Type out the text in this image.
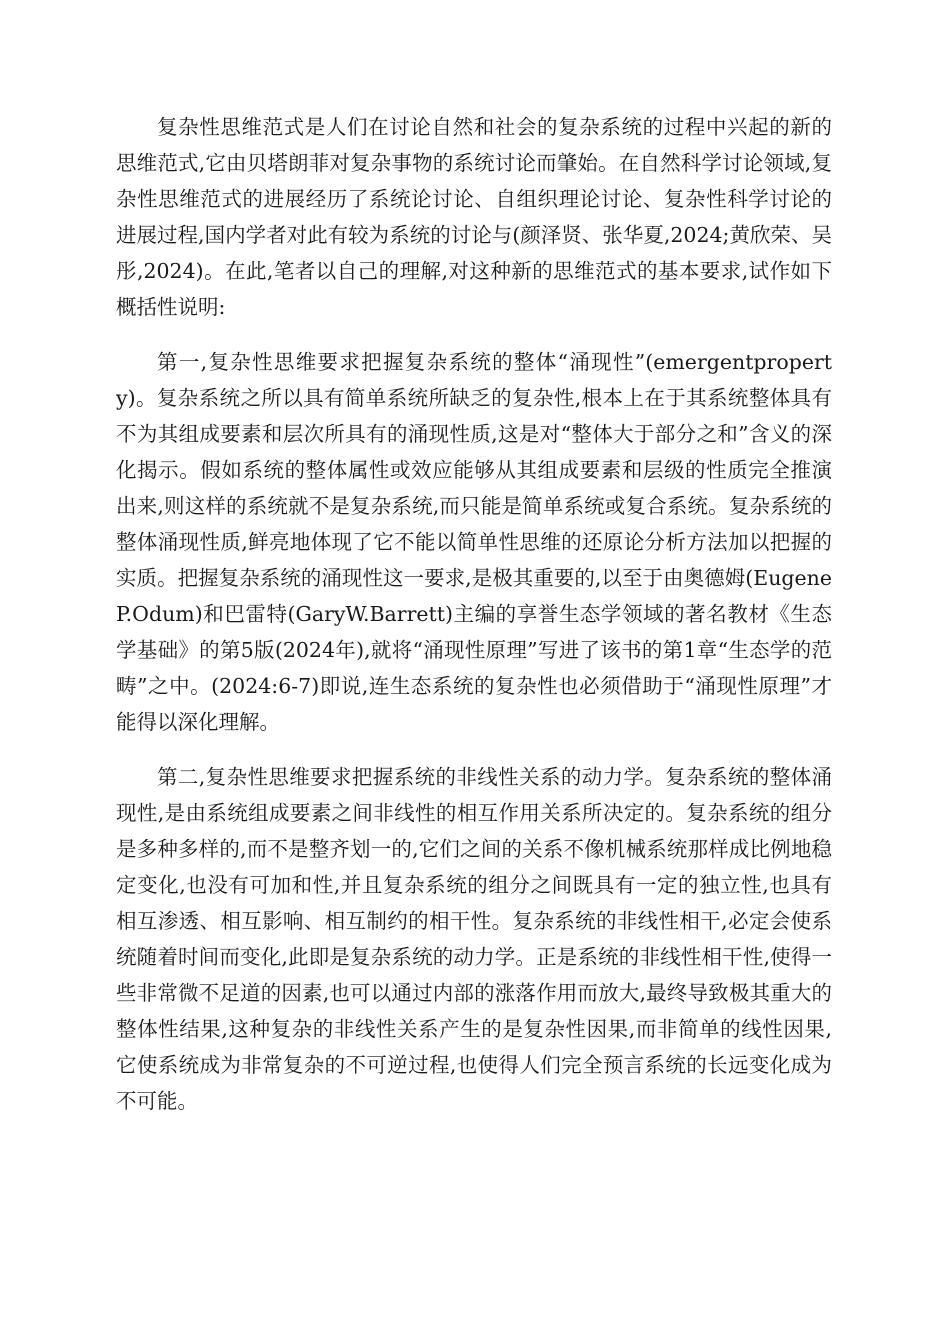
复杂性思维范式是人们在讨论自然和社会的复杂系统的过程中兴起的新的思维范式,它由贝塔朗菲对复杂事物的系统讨论而肇始。在自然科学讨论领域,复杂性思维范式的进展经历了系统论讨论、自组织理论讨论、复杂性科学讨论的进展过程,国内学者对此有较为系统的讨论与(颜泽贤、张华夏,2024;黄欣荣、吴彤,2024)。在此,笔者以自己的理解,对这种新的思维范式的基本要求,试作如下概括性说明:

第一,复杂性思维要求把握复杂系统的整体“涌现性”(emergentproperty)。复杂系统之所以具有简单系统所缺乏的复杂性,根本上在于其系统整体具有不为其组成要素和层次所具有的涌现性质,这是对“整体大于部分之和”含义的深化揭示。假如系统的整体属性或效应能够从其组成要素和层级的性质完全推演出来,则这样的系统就不是复杂系统,而只能是简单系统或复合系统。复杂系统的整体涌现性质,鲜亮地体现了它不能以简单性思维的还原论分析方法加以把握的实质。把握复杂系统的涌现性这一要求,是极其重要的,以至于由奥德姆(EugeneP.Odum)和巴雷特(GaryW.Barrett)主编的享誉生态学领域的著名教材《生态学基础》的第5版(2024年),就将“涌现性原理”写进了该书的第1章“生态学的范畴”之中。(2024:6-7)即说,连生态系统的复杂性也必须借助于“涌现性原理”才能得以深化理解。

第二,复杂性思维要求把握系统的非线性关系的动力学。复杂系统的整体涌现性,是由系统组成要素之间非线性的相互作用关系所决定的。复杂系统的组分是多种多样的,而不是整齐划一的,它们之间的关系不像机械系统那样成比例地稳定变化,也没有可加和性,并且复杂系统的组分之间既具有一定的独立性,也具有相互渗透、相互影响、相互制约的相干性。复杂系统的非线性相干,必定会使系统随着时间而变化,此即是复杂系统的动力学。正是系统的非线性相干性,使得一些非常微不足道的因素,也可以通过内部的涨落作用而放大,最终导致极其重大的整体性结果,这种复杂的非线性关系产生的是复杂性因果,而非简单的线性因果,它使系统成为非常复杂的不可逆过程,也使得人们完全预言系统的长远变化成为不可能。
